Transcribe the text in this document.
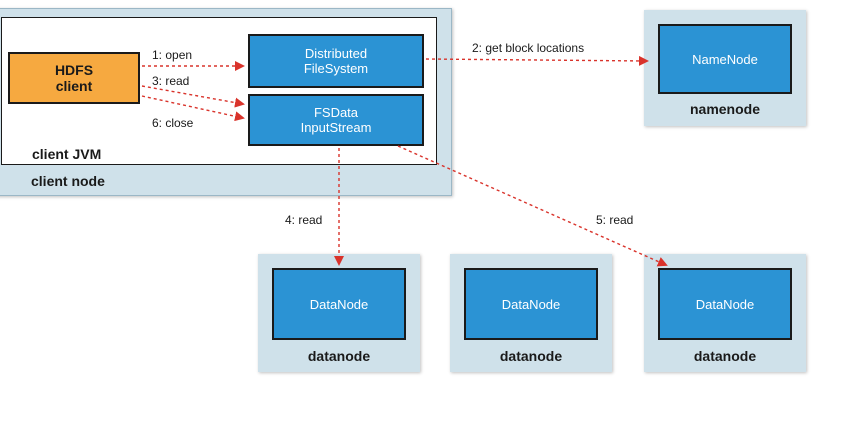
client JVM
client node
HDFS
client
Distributed
FileSystem
FSData
InputStream
NameNode
namenode
DataNode
datanode
DataNode
datanode
DataNode
datanode
1: open
3: read
6: close
2: get block locations
4: read	5: read
